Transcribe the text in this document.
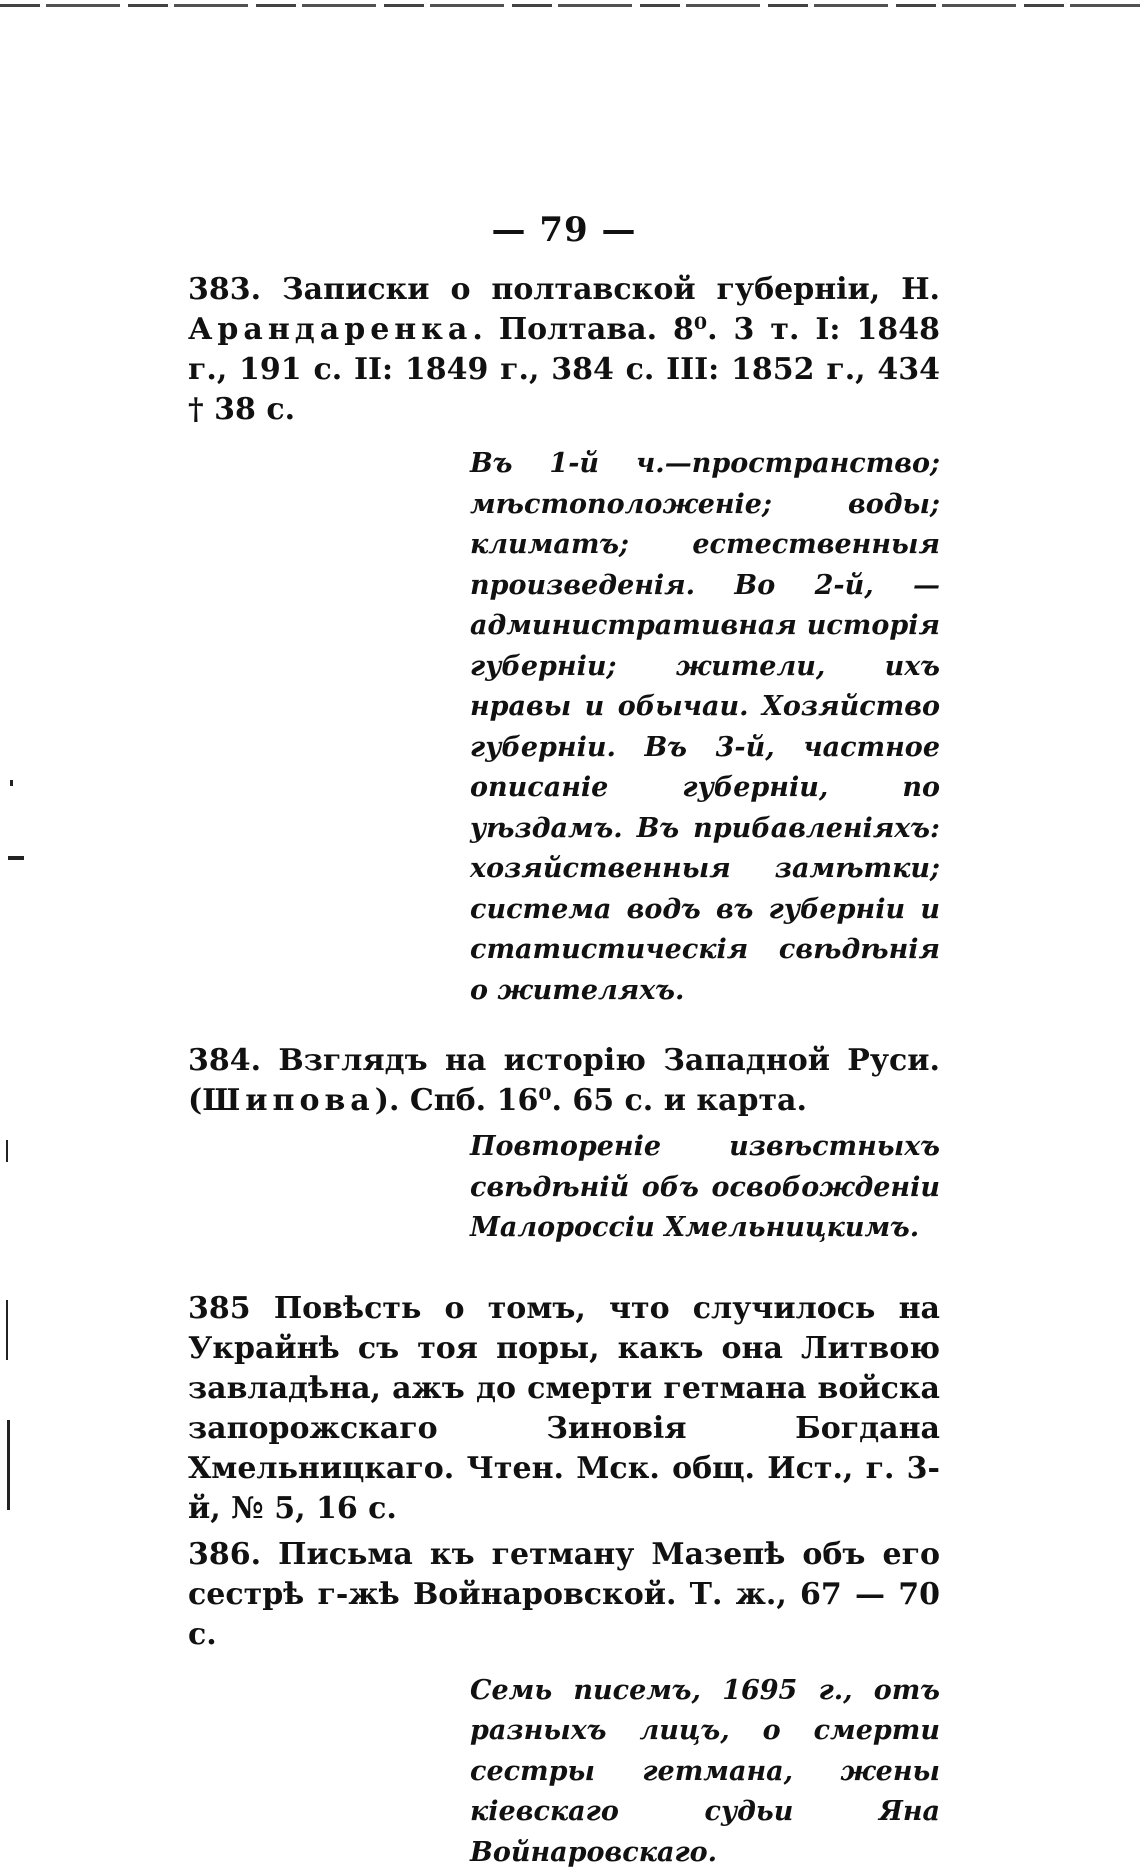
— 79 —
383. Записки о полтавской губернiи, Н. Арандаренка. Полтава. 8⁰. 3 т. I: 1848 г., 191 с. II: 1849 г., 384 с. III: 1852 г., 434 † 38 с.
Въ 1-й ч.—пространство; мѣстоположенiе; воды; климатъ; естественныя произведенiя. Во 2-й, —административная исторiя губернiи; жители, ихъ нравы и обычаи. Хозяйство губернiи. Въ 3-й, частное описанiе губернiи, по уѣздамъ. Въ прибавленiяхъ: хозяйственныя замѣтки; система водъ въ губернiи и статистическiя свѣдѣнiя о жителяхъ.
384. Взглядъ на исторiю Западной Руси. (Шипова). Спб. 16⁰. 65 с. и карта.
Повторенiе извѣстныхъ свѣдѣнiй объ освобожденiи Малороссiи Хмельницкимъ.
385 Повѣсть о томъ, что случилось на Украйнѣ съ тоя поры, какъ она Литвою завладѣна, ажъ до смерти гетмана войска запорожскаго Зиновiя Богдана Хмельницкаго. Чтен. Мск. общ. Ист., г. 3-й, № 5, 16 с.
386. Письма къ гетману Мазепѣ объ его сестрѣ г-жѣ Войнаровской. Т. ж., 67 — 70 с.
Семь писемъ, 1695 г., отъ разныхъ лицъ, о смерти сестры гетмана, жены кiевскаго судьи Яна Войнаровскаго.
